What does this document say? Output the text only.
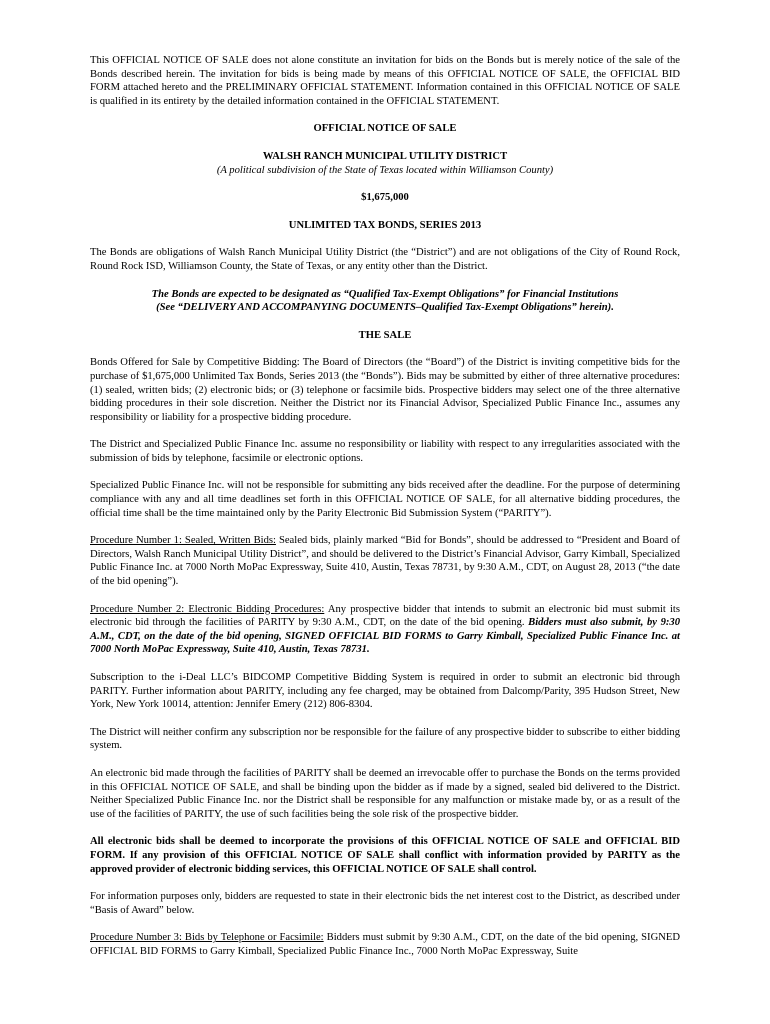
This OFFICIAL NOTICE OF SALE does not alone constitute an invitation for bids on the Bonds but is merely notice of the sale of the Bonds described herein. The invitation for bids is being made by means of this OFFICIAL NOTICE OF SALE, the OFFICIAL BID FORM attached hereto and the PRELIMINARY OFFICIAL STATEMENT. Information contained in this OFFICIAL NOTICE OF SALE is qualified in its entirety by the detailed information contained in the OFFICIAL STATEMENT.

OFFICIAL NOTICE OF SALE

WALSH RANCH MUNICIPAL UTILITY DISTRICT

(A political subdivision of the State of Texas located within Williamson County)

$1,675,000

UNLIMITED TAX BONDS, SERIES 2013

The Bonds are obligations of Walsh Ranch Municipal Utility District (the “District”) and are not obligations of the City of Round Rock, Round Rock ISD, Williamson County, the State of Texas, or any entity other than the District.

The Bonds are expected to be designated as “Qualified Tax-Exempt Obligations” for Financial Institutions

(See “DELIVERY AND ACCOMPANYING DOCUMENTS–Qualified Tax-Exempt Obligations” herein).

THE SALE

Bonds Offered for Sale by Competitive Bidding: The Board of Directors (the “Board”) of the District is inviting competitive bids for the purchase of $1,675,000 Unlimited Tax Bonds, Series 2013 (the “Bonds”). Bids may be submitted by either of three alternative procedures: (1) sealed, written bids; (2) electronic bids; or (3) telephone or facsimile bids. Prospective bidders may select one of the three alternative bidding procedures in their sole discretion. Neither the District nor its Financial Advisor, Specialized Public Finance Inc., assumes any responsibility or liability for a prospective bidding procedure.

The District and Specialized Public Finance Inc. assume no responsibility or liability with respect to any irregularities associated with the submission of bids by telephone, facsimile or electronic options.

Specialized Public Finance Inc. will not be responsible for submitting any bids received after the deadline. For the purpose of determining compliance with any and all time deadlines set forth in this OFFICIAL NOTICE OF SALE, for all alternative bidding procedures, the official time shall be the time maintained only by the Parity Electronic Bid Submission System (“PARITY”).

Procedure Number 1: Sealed, Written Bids: Sealed bids, plainly marked “Bid for Bonds”, should be addressed to “President and Board of Directors, Walsh Ranch Municipal Utility District”, and should be delivered to the District’s Financial Advisor, Garry Kimball, Specialized Public Finance Inc. at 7000 North MoPac Expressway, Suite 410, Austin, Texas 78731, by 9:30 A.M., CDT, on August 28, 2013 (“the date of the bid opening”).

Procedure Number 2: Electronic Bidding Procedures: Any prospective bidder that intends to submit an electronic bid must submit its electronic bid through the facilities of PARITY by 9:30 A.M., CDT, on the date of the bid opening. Bidders must also submit, by 9:30 A.M., CDT, on the date of the bid opening, SIGNED OFFICIAL BID FORMS to Garry Kimball, Specialized Public Finance Inc. at 7000 North MoPac Expressway, Suite 410, Austin, Texas 78731.

Subscription to the i-Deal LLC’s BIDCOMP Competitive Bidding System is required in order to submit an electronic bid through PARITY. Further information about PARITY, including any fee charged, may be obtained from Dalcomp/Parity, 395 Hudson Street, New York, New York 10014, attention: Jennifer Emery (212) 806-8304.

The District will neither confirm any subscription nor be responsible for the failure of any prospective bidder to subscribe to either bidding system.

An electronic bid made through the facilities of PARITY shall be deemed an irrevocable offer to purchase the Bonds on the terms provided in this OFFICIAL NOTICE OF SALE, and shall be binding upon the bidder as if made by a signed, sealed bid delivered to the District. Neither Specialized Public Finance Inc. nor the District shall be responsible for any malfunction or mistake made by, or as a result of the use of the facilities of PARITY, the use of such facilities being the sole risk of the prospective bidder.

All electronic bids shall be deemed to incorporate the provisions of this OFFICIAL NOTICE OF SALE and OFFICIAL BID FORM. If any provision of this OFFICIAL NOTICE OF SALE shall conflict with information provided by PARITY as the approved provider of electronic bidding services, this OFFICIAL NOTICE OF SALE shall control.

For information purposes only, bidders are requested to state in their electronic bids the net interest cost to the District, as described under “Basis of Award” below.

Procedure Number 3: Bids by Telephone or Facsimile: Bidders must submit by 9:30 A.M., CDT, on the date of the bid opening, SIGNED OFFICIAL BID FORMS to Garry Kimball, Specialized Public Finance Inc., 7000 North MoPac Expressway, Suite
